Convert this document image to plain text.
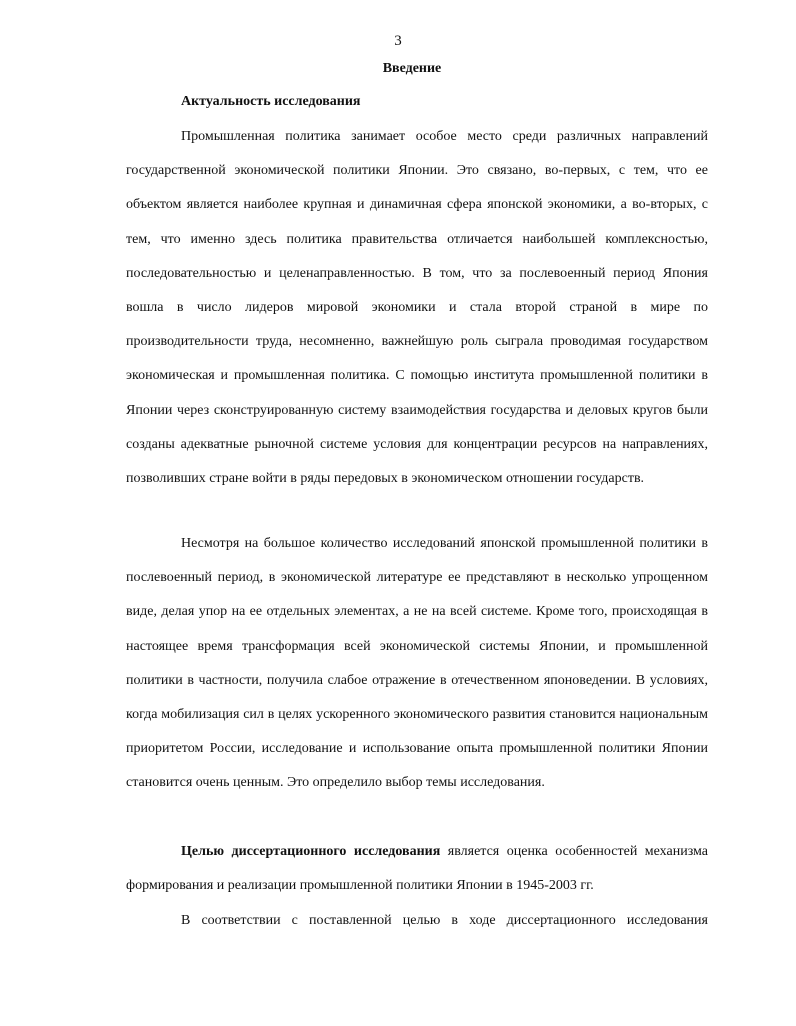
3
Введение
Актуальность исследования

Промышленная политика занимает особое место среди различных направлений государственной экономической политики Японии. Это связано, во-первых, с тем, что ее объектом является наиболее крупная и динамичная сфера японской экономики, а во-вторых, с тем, что именно здесь политика правительства отличается наибольшей комплексностью, последовательностью и целенаправленностью. В том, что за послевоенный период Япония вошла в число лидеров мировой экономики и стала второй страной в мире по производительности труда, несомненно, важнейшую роль сыграла проводимая государством экономическая и промышленная политика. С помощью института промышленной политики в Японии через сконструированную систему взаимодействия государства и деловых кругов были созданы адекватные рыночной системе условия для концентрации ресурсов на направлениях, позволивших стране войти в ряды передовых в экономическом отношении государств.

Несмотря на большое количество исследований японской промышленной политики в послевоенный период, в экономической литературе ее представляют в несколько упрощенном виде, делая упор на ее отдельных элементах, а не на всей системе. Кроме того, происходящая в настоящее время трансформация всей экономической системы Японии, и промышленной политики в частности, получила слабое отражение в отечественном японоведении. В условиях, когда мобилизация сил в целях ускоренного экономического развития становится национальным приоритетом России, исследование и использование опыта промышленной политики Японии становится очень ценным. Это определило выбор темы исследования.

Целью диссертационного исследования является оценка особенностей механизма формирования и реализации промышленной политики Японии в 1945-2003 гг.

В соответствии с поставленной целью в ходе диссертационного исследования
